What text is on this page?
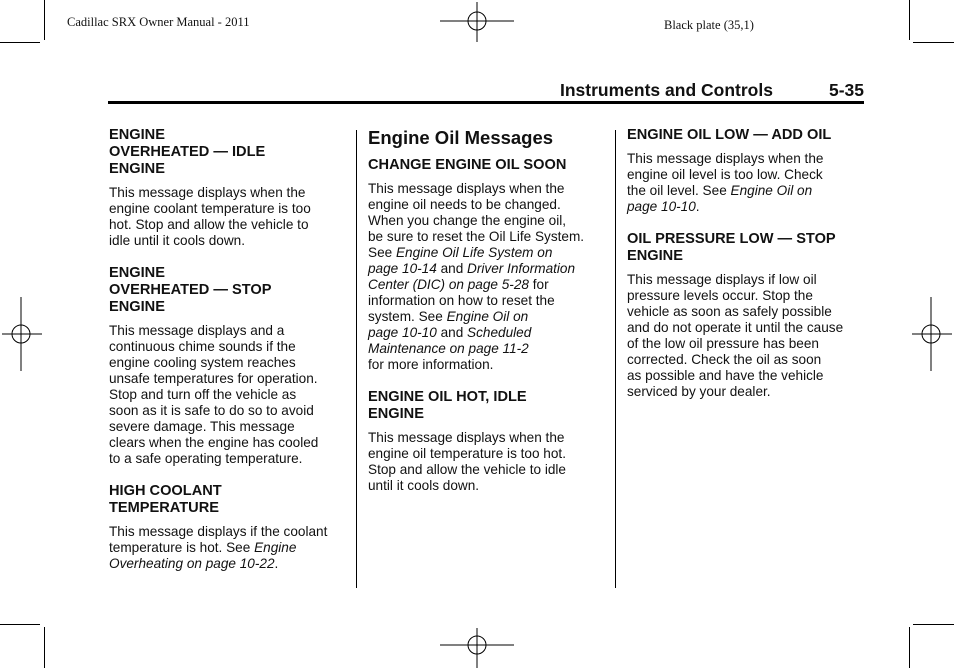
Cadillac SRX Owner Manual - 2011	Black plate (35,1)
Instruments and Controls	5-35
ENGINE
OVERHEATED — IDLE
ENGINE
This message displays when the
engine coolant temperature is too
hot. Stop and allow the vehicle to
idle until it cools down.
ENGINE
OVERHEATED — STOP
ENGINE
This message displays and a
continuous chime sounds if the
engine cooling system reaches
unsafe temperatures for operation.
Stop and turn off the vehicle as
soon as it is safe to do so to avoid
severe damage. This message
clears when the engine has cooled
to a safe operating temperature.
HIGH COOLANT
TEMPERATURE
This message displays if the coolant
temperature is hot. See Engine
Overheating on page 10-22.
Engine Oil Messages
CHANGE ENGINE OIL SOON
This message displays when the
engine oil needs to be changed.
When you change the engine oil,
be sure to reset the Oil Life System.
See Engine Oil Life System on
page 10-14 and Driver Information
Center (DIC) on page 5-28 for
information on how to reset the
system. See Engine Oil on
page 10-10 and Scheduled
Maintenance on page 11-2
for more information.
ENGINE OIL HOT, IDLE
ENGINE
This message displays when the
engine oil temperature is too hot.
Stop and allow the vehicle to idle
until it cools down.
ENGINE OIL LOW — ADD OIL
This message displays when the
engine oil level is too low. Check
the oil level. See Engine Oil on
page 10-10.
OIL PRESSURE LOW — STOP
ENGINE
This message displays if low oil
pressure levels occur. Stop the
vehicle as soon as safely possible
and do not operate it until the cause
of the low oil pressure has been
corrected. Check the oil as soon
as possible and have the vehicle
serviced by your dealer.
